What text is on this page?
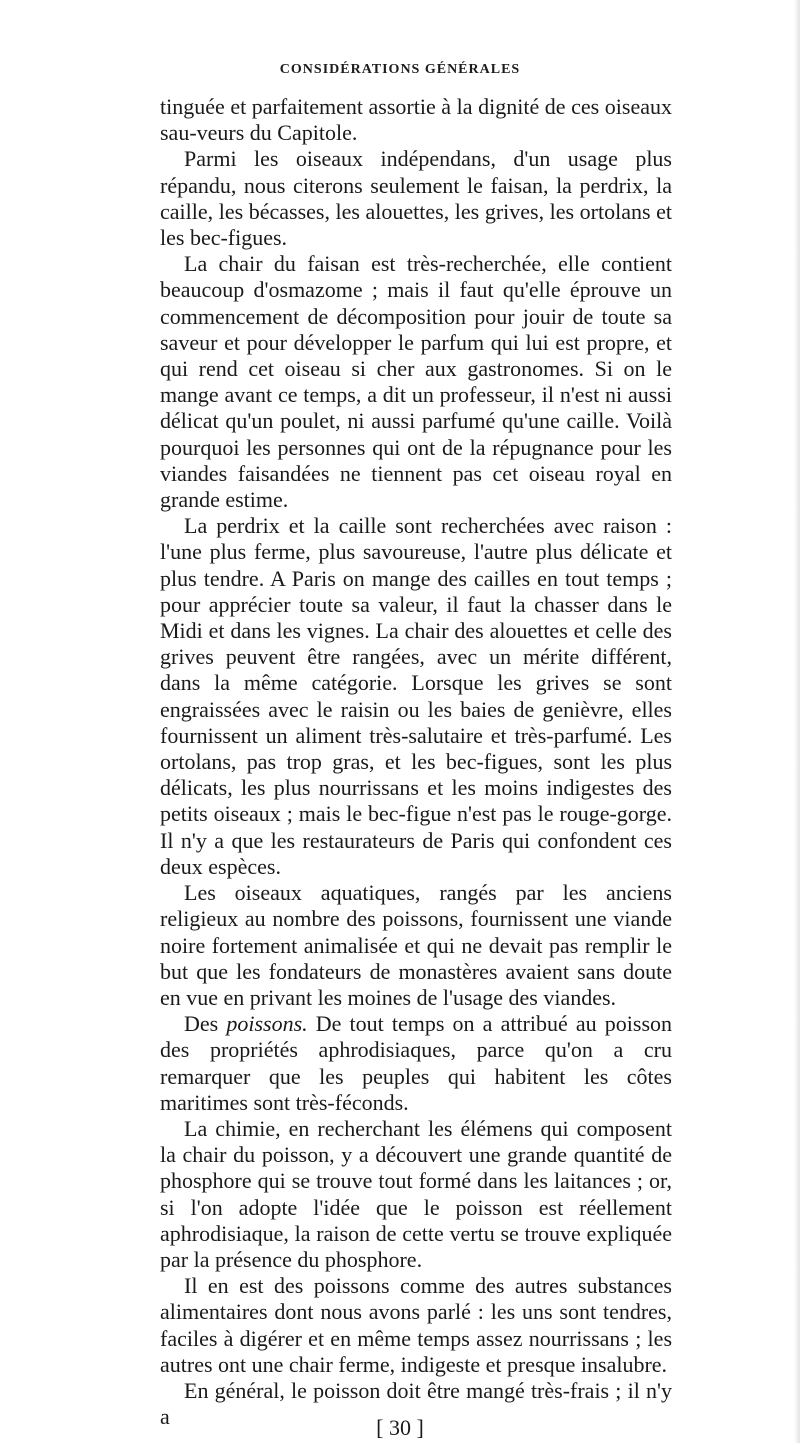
CONSIDÉRATIONS GÉNÉRALES

tinguée et parfaitement assortie à la dignité de ces oiseaux sau-veurs du Capitole.

Parmi les oiseaux indépendans, d'un usage plus répandu, nous citerons seulement le faisan, la perdrix, la caille, les bécasses, les alouettes, les grives, les ortolans et les bec-figues.

La chair du faisan est très-recherchée, elle contient beaucoup d'osmazome ; mais il faut qu'elle éprouve un commencement de décomposition pour jouir de toute sa saveur et pour développer le parfum qui lui est propre, et qui rend cet oiseau si cher aux gastronomes. Si on le mange avant ce temps, a dit un professeur, il n'est ni aussi délicat qu'un poulet, ni aussi parfumé qu'une caille. Voilà pourquoi les personnes qui ont de la répugnance pour les viandes faisandées ne tiennent pas cet oiseau royal en grande estime.

La perdrix et la caille sont recherchées avec raison : l'une plus ferme, plus savoureuse, l'autre plus délicate et plus tendre. A Paris on mange des cailles en tout temps ; pour apprécier toute sa valeur, il faut la chasser dans le Midi et dans les vignes. La chair des alouettes et celle des grives peuvent être rangées, avec un mérite différent, dans la même catégorie. Lorsque les grives se sont engraissées avec le raisin ou les baies de genièvre, elles fournissent un aliment très-salutaire et très-parfumé. Les ortolans, pas trop gras, et les bec-figues, sont les plus délicats, les plus nourrissans et les moins indigestes des petits oiseaux ; mais le bec-figue n'est pas le rouge-gorge. Il n'y a que les restaurateurs de Paris qui confondent ces deux espèces.

Les oiseaux aquatiques, rangés par les anciens religieux au nombre des poissons, fournissent une viande noire fortement animalisée et qui ne devait pas remplir le but que les fondateurs de monastères avaient sans doute en vue en privant les moines de l'usage des viandes.

Des poissons. De tout temps on a attribué au poisson des propriétés aphrodisiaques, parce qu'on a cru remarquer que les peuples qui habitent les côtes maritimes sont très-féconds.

La chimie, en recherchant les élémens qui composent la chair du poisson, y a découvert une grande quantité de phosphore qui se trouve tout formé dans les laitances ; or, si l'on adopte l'idée que le poisson est réellement aphrodisiaque, la raison de cette vertu se trouve expliquée par la présence du phosphore.

Il en est des poissons comme des autres substances alimentaires dont nous avons parlé : les uns sont tendres, faciles à digérer et en même temps assez nourrissans ; les autres ont une chair ferme, indigeste et presque insalubre.

En général, le poisson doit être mangé très-frais ; il n'y a	[ 30 ]
